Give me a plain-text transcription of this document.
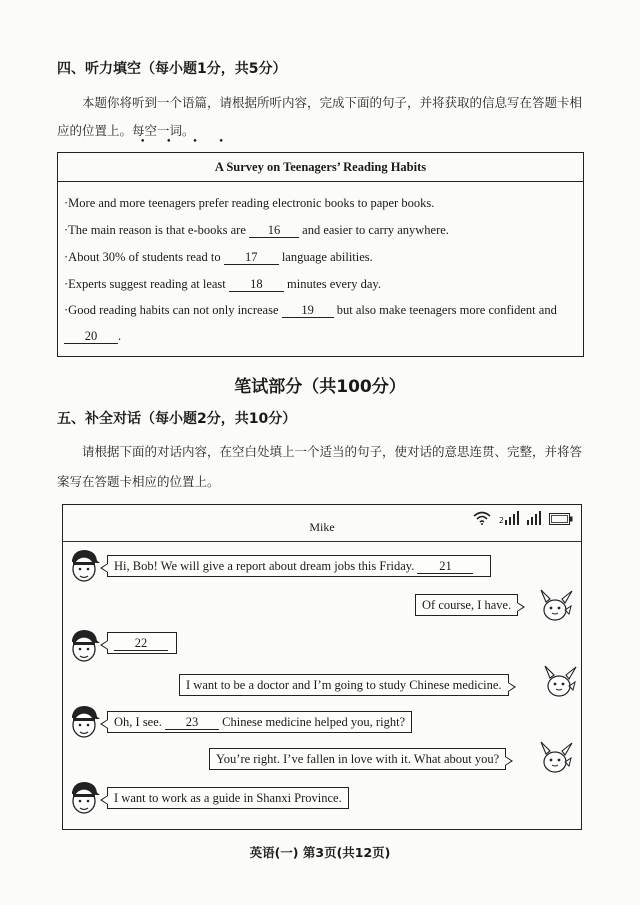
四、听力填空（每小题1分，共5分）
本题你将听到一个语篇，请根据所听内容，完成下面的句子，并将获取的信息写在答题卡相
应的位置上。每空一词。
• • • •
A Survey on Teenagers’ Reading Habits
·More and more teenagers prefer reading electronic books to paper books.
·The main reason is that e-books are 16 and easier to carry anywhere.
·About 30% of students read to 17 language abilities.
·Experts suggest reading at least 18 minutes every day.
·Good reading habits can not only increase 19 but also make teenagers more confident and
20 .
笔试部分（共100分）
五、补全对话（每小题2分，共10分）
请根据下面的对话内容，在空白处填上一个适当的句子，使对话的意思连贯、完整，并将答
案写在答题卡相应的位置上。
Mike	2
Hi, Bob! We will give a report about dream jobs this Friday. 21
Of course, I have.
22
I want to be a doctor and I’m going to study Chinese medicine.
Oh, I see. 23 Chinese medicine helped you, right?
You’re right. I’ve fallen in love with it. What about you?
I want to work as a guide in Shanxi Province.
英语(一) 第3页(共12页)
